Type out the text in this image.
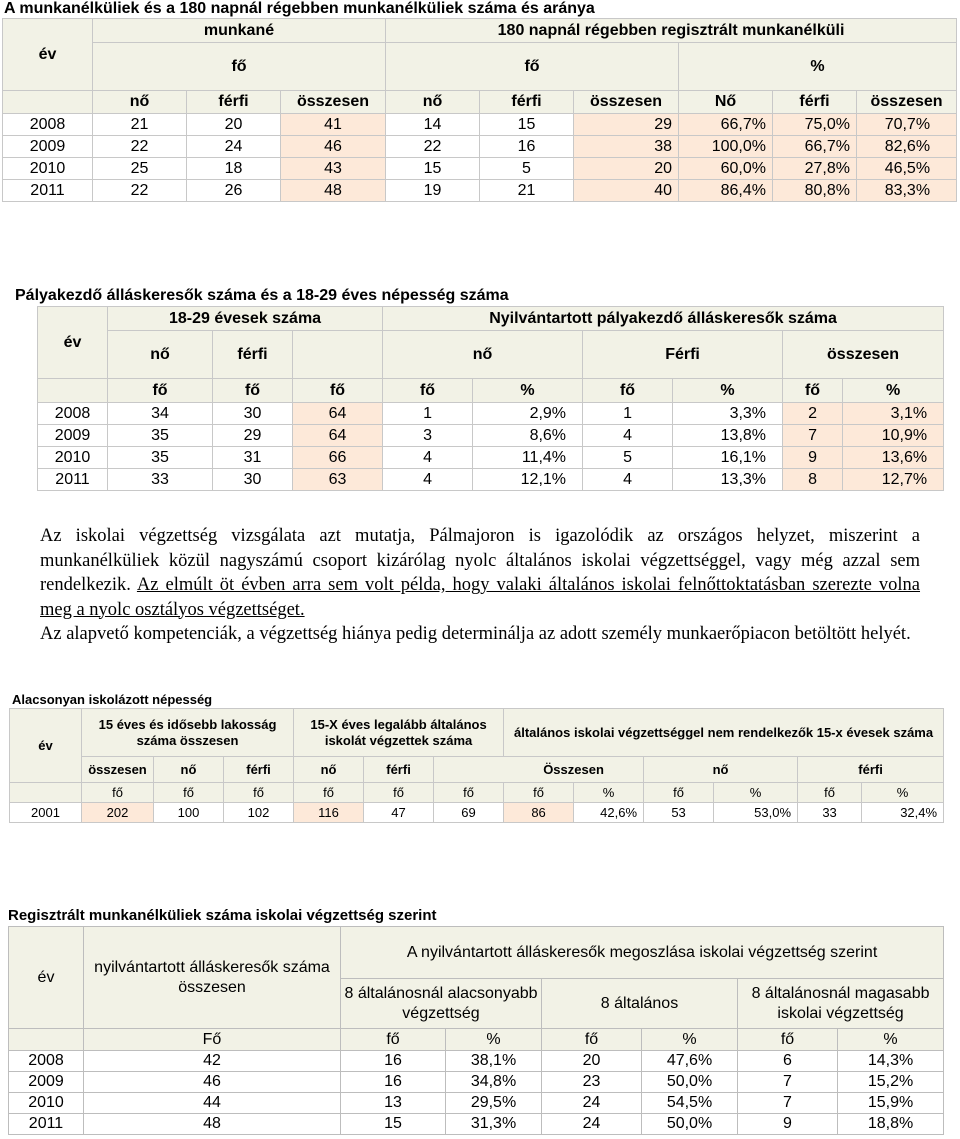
A munkanélküliek és a 180 napnál régebben munkanélküliek száma és aránya
év	munkané			180 napnál régebben regisztrált munkanélküli					
	fő			fő			%		
	nő	férfi	összesen	nő	férfi	összesen	Nő	férfi	összesen
2008	21	20	41	14	15	29	66,7%	75,0%	70,7%
2009	22	24	46	22	16	38	100,0%	66,7%	82,6%
2010	25	18	43	15	5	20	60,0%	27,8%	46,5%
2011	22	26	48	19	21	40	86,4%	80,8%	83,3%
Pályakezdő álláskeresők száma és a 18-29 éves népesség száma
év	18-29 évesek száma			Nyilvántartott pályakezdő álláskeresők száma					
	nő	férfi		nő		Férfi		összesen	
	fő	fő	fő	fő	%	fő	%	fő	%
2008	34	30	64	1	2,9%	1	3,3%	2	3,1%
2009	35	29	64	3	8,6%	4	13,8%	7	10,9%
2010	35	31	66	4	11,4%	5	16,1%	9	13,6%
2011	33	30	63	4	12,1%	4	13,3%	8	12,7%
Az iskolai végzettség vizsgálata azt mutatja, Pálmajoron is igazolódik az országos helyzet, miszerint a munkanélküliek közül nagyszámú csoport kizárólag nyolc általános iskolai végzettséggel, vagy még azzal sem rendelkezik. Az elmúlt öt évben arra sem volt példa, hogy valaki általános iskolai felnőttoktatásban szerezte volna meg a nyolc osztályos végzettséget.
Az alapvető kompetenciák, a végzettség hiánya pedig determinálja az adott személy munkaerőpiacon betöltött helyét.
Alacsonyan iskolázott népesség
év	15 éves és idősebb lakosság száma összesen			15-X éves legalább általános iskolát végzettek száma			általános iskolai végzettséggel nem rendelkezők 15-x évesek száma					
	összesen	nő	férfi	nő	férfi		Összesen		nő		férfi	
	fő	fő	fő	fő	fő	fő	fő	%	fő	%	fő	%
2001	202	100	102	116	47	69	86	42,6%	53	53,0%	33	32,4%
Regisztrált munkanélküliek száma iskolai végzettség szerint
év	nyilvántartott álláskeresők száma összesen	A nyilvántartott álláskeresők megoszlása iskolai végzettség szerint					
		8 általánosnál alacsonyabb végzettség		8 általános		8 általánosnál magasabb iskolai végzettség	
	Fő	fő	%	fő	%	fő	%
2008	42	16	38,1%	20	47,6%	6	14,3%
2009	46	16	34,8%	23	50,0%	7	15,2%
2010	44	13	29,5%	24	54,5%	7	15,9%
2011	48	15	31,3%	24	50,0%	9	18,8%
